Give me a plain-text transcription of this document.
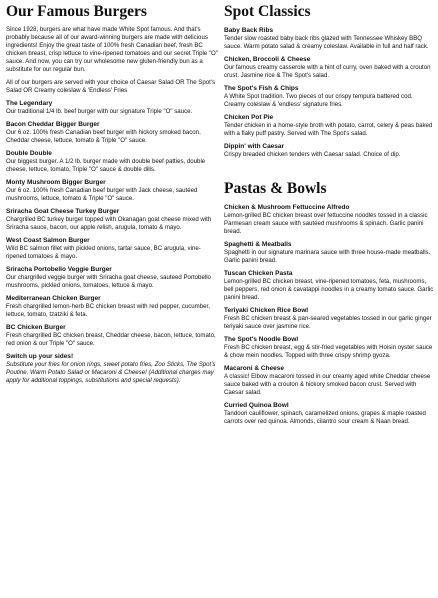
Our Famous Burgers
Since 1928, burgers are what have made White Spot famous. And that's probably because all of our award-winning burgers are made with delicious ingredients! Enjoy the great taste of 100% fresh Canadian beef, fresh BC chicken breast, crisp lettuce to vine-ripened tomatoes and our secret Triple "O" sauce. And now, you can try our wholesome new gluten-friendly bun as a substitute for our regular bun.
All of our burgers are served with your choice of Caesar Salad OR The Spot's Salad OR Creamy coleslaw & 'Endless' Fries
The Legendary
Our traditional 1/4 lb. beef burger with our signature Triple "O" sauce.
Bacon Cheddar Bigger Burger
Our 6 oz. 100% fresh Canadian beef burger with hickory smoked bacon, Cheddar cheese, lettuce, tomato & Triple "O" sauce.
Double Double
Our biggest burger. A 1/2 lb. burger made with double beef patties, double cheese, lettuce, tomato, Triple "O" sauce & double dills.
Monty Mushroom Bigger Burger
Our 6 oz. 100% fresh Canadian beef burger with Jack cheese, sautéed mushrooms, lettuce, tomato & Triple "O" sauce.
Sriracha Goat Cheese Turkey Burger
Chargrilled BC turkey burger topped with Okanagan goat cheese mixed with Sriracha sauce, bacon, our apple relish, arugula, tomato & mayo.
West Coast Salmon Burger
Wild BC salmon fillet with pickled onions, tartar sauce, BC arugula, vine-ripened tomatoes & mayo.
Sriracha Portobello Veggie Burger
Our chargrilled veggie burger with Sriracha goat cheese, sauteed Portobello mushrooms, pickled onions, tomatoes, lettuce & mayo.
Mediterranean Chicken Burger
Fresh chargrilled lemon-herb BC chicken breast with red pepper, cucumber, lettuce, tomato, tzatziki & feta.
BC Chicken Burger
Fresh chargrilled BC chicken breast, Cheddar cheese, bacon, lettuce, tomato, red onion & our Triple "O" sauce.
Switch up your sides!
Substitute your fries for onion rings, sweet potato fries, Zoo Sticks, The Spot's Poutine, Warm Potato Salad or Macaroni & Cheese! (Additional charges may apply for additional toppings, substitutions and special requests).
Spot Classics
Baby Back Ribs
Tender slow roasted baby back ribs glazed with Tennessee Whiskey BBQ sauce. Warm potato salad & creamy coleslaw. Available in full and half rack.
Chicken, Broccoli & Cheese
Our famous creamy casserole with a hint of curry, oven baked with a crouton crust. Jasmine rice & The Spot's salad.
The Spot's Fish & Chips
A White Spot tradition. Two pieces of our crispy tempura battered cod. Creamy coleslaw & 'endless' signature fries.
Chicken Pot Pie
Tender chicken in a home-style broth with potato, carrot, celery & peas baked with a flaky puff pastry. Served with The Spot's salad.
Dippin' with Caesar
Crispy breaded chicken tenders with Caesar salad. Choice of dip.
Pastas & Bowls
Chicken & Mushroom Fettuccine Alfredo
Lemon-grilled BC chicken breast over fettuccine noodles tossed in a classic Parmesan cream sauce with sautéed mushrooms & spinach. Garlic panini bread.
Spaghetti & Meatballs
Spaghetti in our signature marinara sauce with three house-made meatballs. Garlic panini bread.
Tuscan Chicken Pasta
Lemon-grilled BC chicken breast, vine-ripened tomatoes, feta, mushrooms, bell peppers, red onion & cavatappi noodles in a creamy tomato sauce. Garlic panini bread.
Teriyaki Chicken Rice Bowl
Fresh BC chicken breast & pan-seared vegetables tossed in our garlic ginger teriyaki sauce over jasmine rice.
The Spot's Noodle Bowl
Fresh BC chicken breast, egg & stir-fried vegetables with Hoisin oyster sauce & chow mein noodles. Topped with three crispy shrimp gyoza.
Macaroni & Cheese
A classic! Elbow macaroni tossed in our creamy aged white Cheddar cheese sauce baked with a crouton & hickory smoked bacon crust. Served with Caesar salad.
Curried Quinoa Bowl
Tandoori cauliflower, spinach, caramelized onions, grapes & maple roasted carrots over red quinoa. Almonds, cilantro sour cream & Naan bread.
